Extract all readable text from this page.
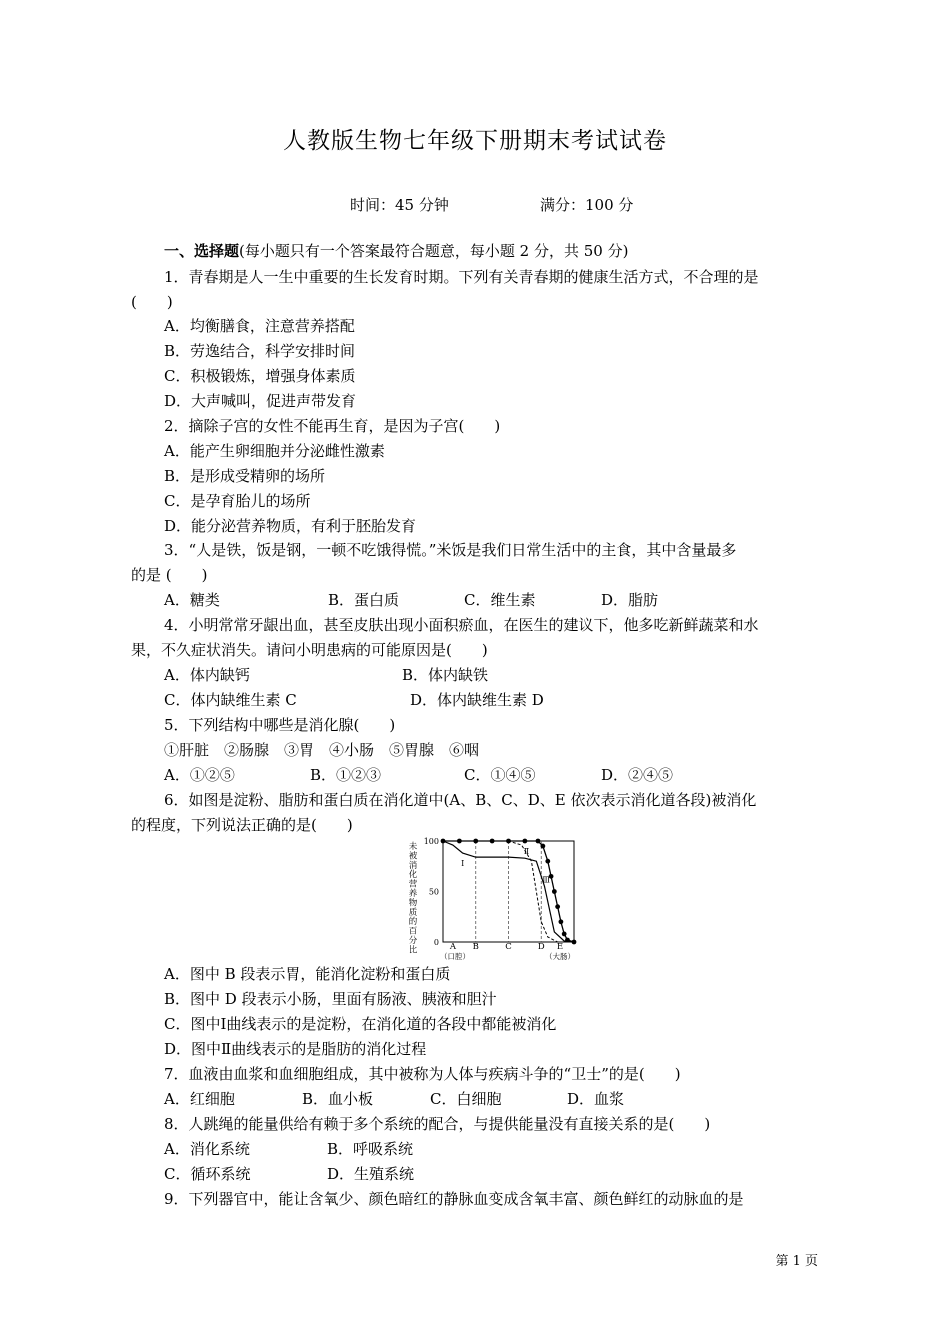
人教版生物七年级下册期末考试试卷
时间：45 分钟	满分：100 分
一、选择题(每小题只有一个答案最符合题意，每小题 2 分，共 50 分)
1．青春期是人一生中重要的生长发育时期。下列有关青春期的健康生活方式，不合理的是
(　　)
A．均衡膳食，注意营养搭配
B．劳逸结合，科学安排时间
C．积极锻炼，增强身体素质
D．大声喊叫，促进声带发育
2．摘除子宫的女性不能再生育，是因为子宫(　　)
A．能产生卵细胞并分泌雌性激素
B．是形成受精卵的场所
C．是孕育胎儿的场所
D．能分泌营养物质，有利于胚胎发育
3．“人是铁，饭是钢，一顿不吃饿得慌。”米饭是我们日常生活中的主食，其中含量最多
的是 (　　)
A．糖类	B．蛋白质	C．维生素	D．脂肪
4．小明常常牙龈出血，甚至皮肤出现小面积瘀血，在医生的建议下，他多吃新鲜蔬菜和水
果，不久症状消失。请问小明患病的可能原因是(　　)
A．体内缺钙	B．体内缺铁
C．体内缺维生素 C	D．体内缺维生素 D
5．下列结构中哪些是消化腺(　　)
①肝脏　②肠腺　③胃　④小肠　⑤胃腺　⑥咽
A．①②⑤	B．①②③	C．①④⑤	D．②④⑤
6．如图是淀粉、脂肪和蛋白质在消化道中(A、B、C、D、E 依次表示消化道各段)被消化
的程度，下列说法正确的是(　　)
未
被
消
化
营
养
物
质
的
百
分
比
100
50
0
Ⅰ
Ⅱ
Ⅲ
A B	C	D E
（口腔）	（大肠）
A．图中 B 段表示胃，能消化淀粉和蛋白质
B．图中 D 段表示小肠，里面有肠液、胰液和胆汁
C．图中Ⅰ曲线表示的是淀粉，在消化道的各段中都能被消化
D．图中Ⅱ曲线表示的是脂肪的消化过程
7．血液由血浆和血细胞组成，其中被称为人体与疾病斗争的“卫士”的是(　　)
A．红细胞	B．血小板	C．白细胞	D．血浆
8．人跳绳的能量供给有赖于多个系统的配合，与提供能量没有直接关系的是(　　)
A．消化系统	B．呼吸系统
C．循环系统	D．生殖系统
9．下列器官中，能让含氧少、颜色暗红的静脉血变成含氧丰富、颜色鲜红的动脉血的是
第 1 页
